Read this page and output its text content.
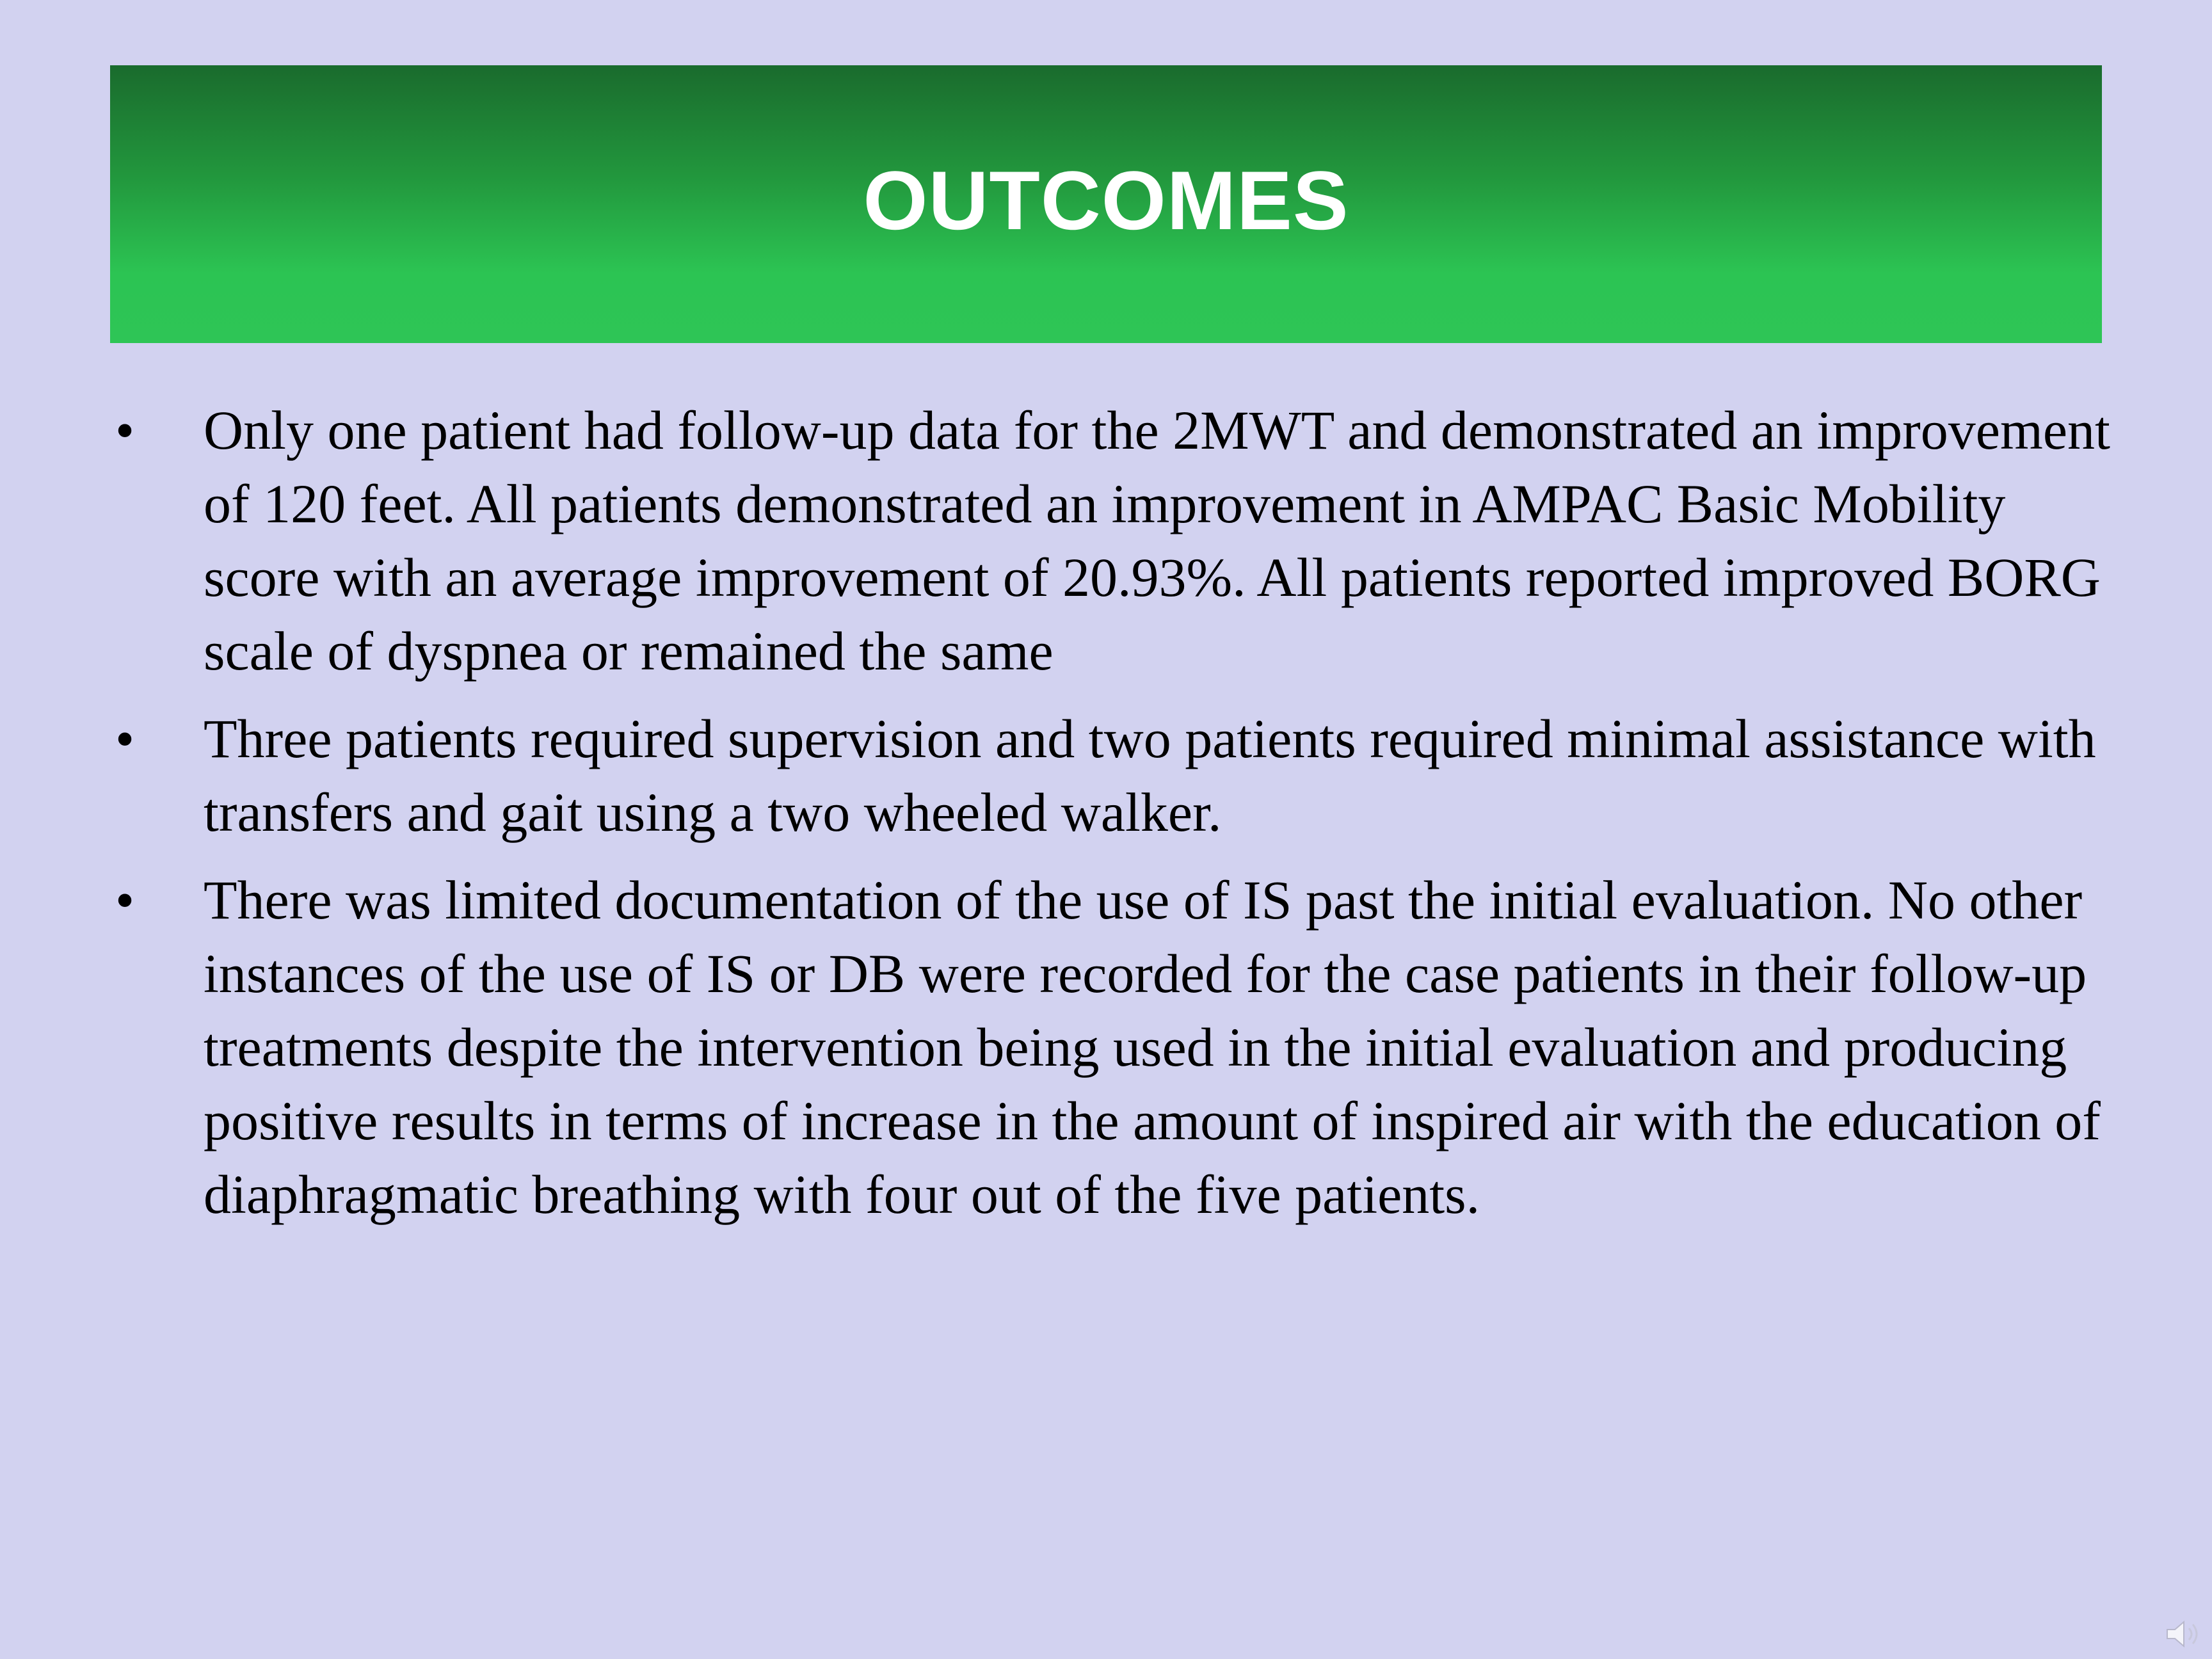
OUTCOMES
•	Only one patient had follow-up data for the 2MWT and demonstrated an improvement of 120 feet. All patients demonstrated an improvement in AMPAC Basic Mobility score with an average improvement of 20.93%. All patients reported improved BORG scale of dyspnea or remained the same
•	Three patients required supervision and two patients required minimal assistance with transfers and gait using a two wheeled walker.
•	There was limited documentation of the use of IS past the initial evaluation. No other instances of the use of IS or DB were recorded for the case patients in their follow-up treatments despite the intervention being used in the initial evaluation and producing positive results in terms of increase in the amount of inspired air with the education of diaphragmatic breathing with four out of the five patients.
